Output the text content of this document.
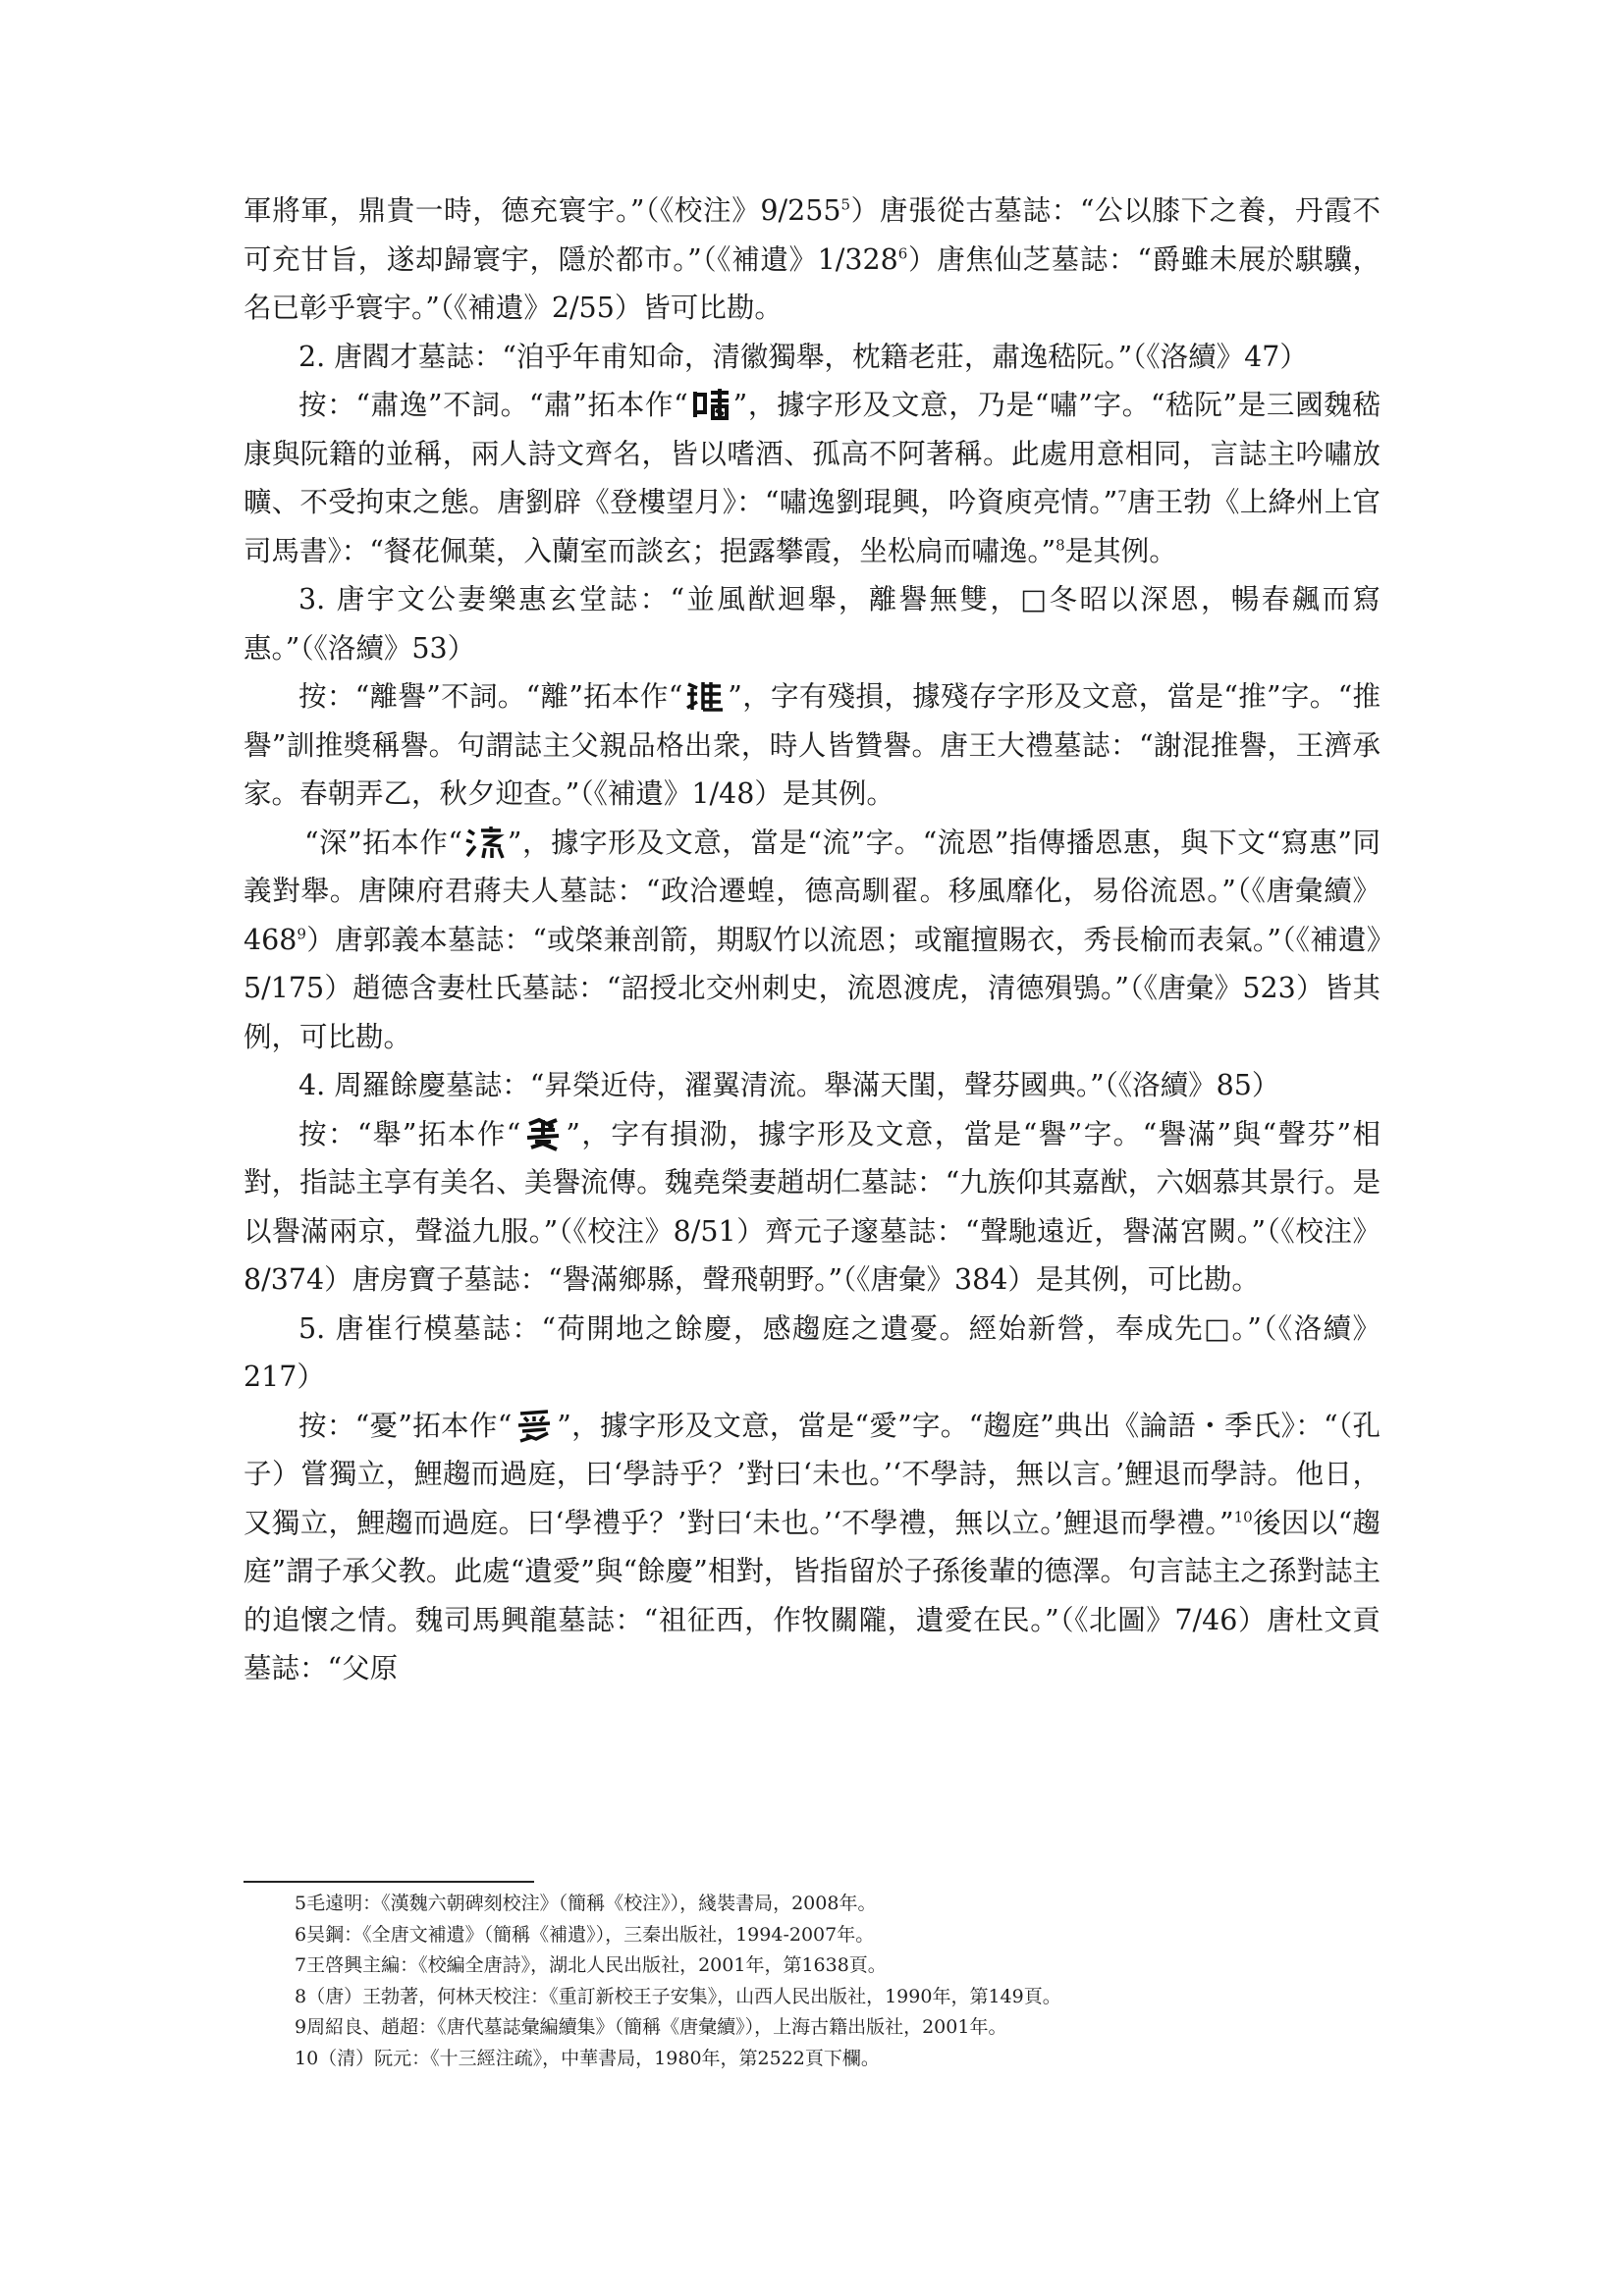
軍將軍，鼎貴一時，德充寰宇。”（《校注》$9/255^5$）唐張從古墓誌：“公以膝下之養，丹霞不可充甘旨，遂却歸寰宇，隱於都市。”（《補遺》$1/328^6$）唐焦仙芝墓誌：“爵雖未展於騏驥，名已彰乎寰宇。”（《補遺》2/55）皆可比勘。

2. 唐閻才墓誌：“洎乎年甫知命，清徽獨舉，枕籍老莊，肅逸嵇阮。”（《洛續》47）

按：“肅逸”不詞。“肅”拓本作“ ”，據字形及文意，乃是“嘯”字。“嵇阮”是三國魏嵇康與阮籍的並稱，兩人詩文齊名，皆以嗜酒、孤高不阿著稱。此處用意相同，言誌主吟嘯放曠、不受拘束之態。唐劉辟《登樓望月》：“嘯逸劉琨興，吟資庾亮情。”$^7$唐王勃《上絳州上官司馬書》：“餐花佩葉，入蘭室而談玄；挹露攀霞，坐松扃而嘯逸。”$^8$是其例。

3. 唐宇文公妻樂惠玄堂誌：“並風猷迴舉，離譽無雙，□冬昭以深恩，暢春飆而寫惠。”（《洛續》53）

按：“離譽”不詞。“離”拓本作“ ”，字有殘損，據殘存字形及文意，當是“推”字。“推譽”訓推獎稱譽。句謂誌主父親品格出衆，時人皆贊譽。唐王大禮墓誌：“謝混推譽，王濟承家。春朝弄乙，秋夕迎查。”（《補遺》1/48）是其例。

“深”拓本作“ ”，據字形及文意，當是“流”字。“流恩”指傳播恩惠，與下文“寫惠”同義對舉。唐陳府君蔣夫人墓誌：“政洽遷蝗，德高馴翟。移風靡化，易俗流恩。”（《唐彙續》$468^9$）唐郭義本墓誌：“或棨兼剖箭，期馭竹以流恩；或寵擅賜衣，秀長榆而表氣。”（《補遺》5/175）趙德含妻杜氏墓誌：“詔授北交州刺史，流恩渡虎，清德殞鴞。”（《唐彙》523）皆其例，可比勘。

4. 周羅餘慶墓誌：“昇榮近侍，濯翼清流。舉滿天閨，聲芬國典。”（《洛續》85）

按：“舉”拓本作“ ”，字有損泐，據字形及文意，當是“譽”字。“譽滿”與“聲芬”相對，指誌主享有美名、美譽流傳。魏堯榮妻趙胡仁墓誌：“九族仰其嘉猷，六姻慕其景行。是以譽滿兩京，聲溢九服。”（《校注》8/51）齊元子邃墓誌：“聲馳遠近，譽滿宮闕。”（《校注》8/374）唐房寶子墓誌：“譽滿鄉縣，聲飛朝野。”（《唐彙》384）是其例，可比勘。

5. 唐崔行模墓誌：“荷開地之餘慶，感趨庭之遺憂。經始新營，奉成先□。”（《洛續》217）

按：“憂”拓本作“ ”，據字形及文意，當是“愛”字。“趨庭”典出《論語・季氏》：“（孔子）嘗獨立，鯉趨而過庭，曰‘學詩乎？’對曰‘未也。’‘不學詩，無以言。’鯉退而學詩。他日，又獨立，鯉趨而過庭。曰‘學禮乎？’對曰‘未也。’‘不學禮，無以立。’鯉退而學禮。”$^{10}$後因以“趨庭”謂子承父教。此處“遺愛”與“餘慶”相對，皆指留於子孫後輩的德澤。句言誌主之孫對誌主的追懷之情。魏司馬興龍墓誌：“祖征西，作牧關隴，遺愛在民。”（《北圖》7/46）唐杜文貢墓誌：“父原

5毛遠明：《漢魏六朝碑刻校注》（簡稱《校注》），綫裝書局，2008年。
6吴鋼：《全唐文補遺》（簡稱《補遺》），三秦出版社，1994-2007年。
7王啓興主編：《校編全唐詩》，湖北人民出版社，2001年，第1638頁。
8（唐）王勃著，何林天校注：《重訂新校王子安集》，山西人民出版社，1990年，第149頁。
9周紹良、趙超：《唐代墓誌彙編續集》（簡稱《唐彙續》），上海古籍出版社，2001年。
10（清）阮元：《十三經注疏》，中華書局，1980年，第2522頁下欄。
